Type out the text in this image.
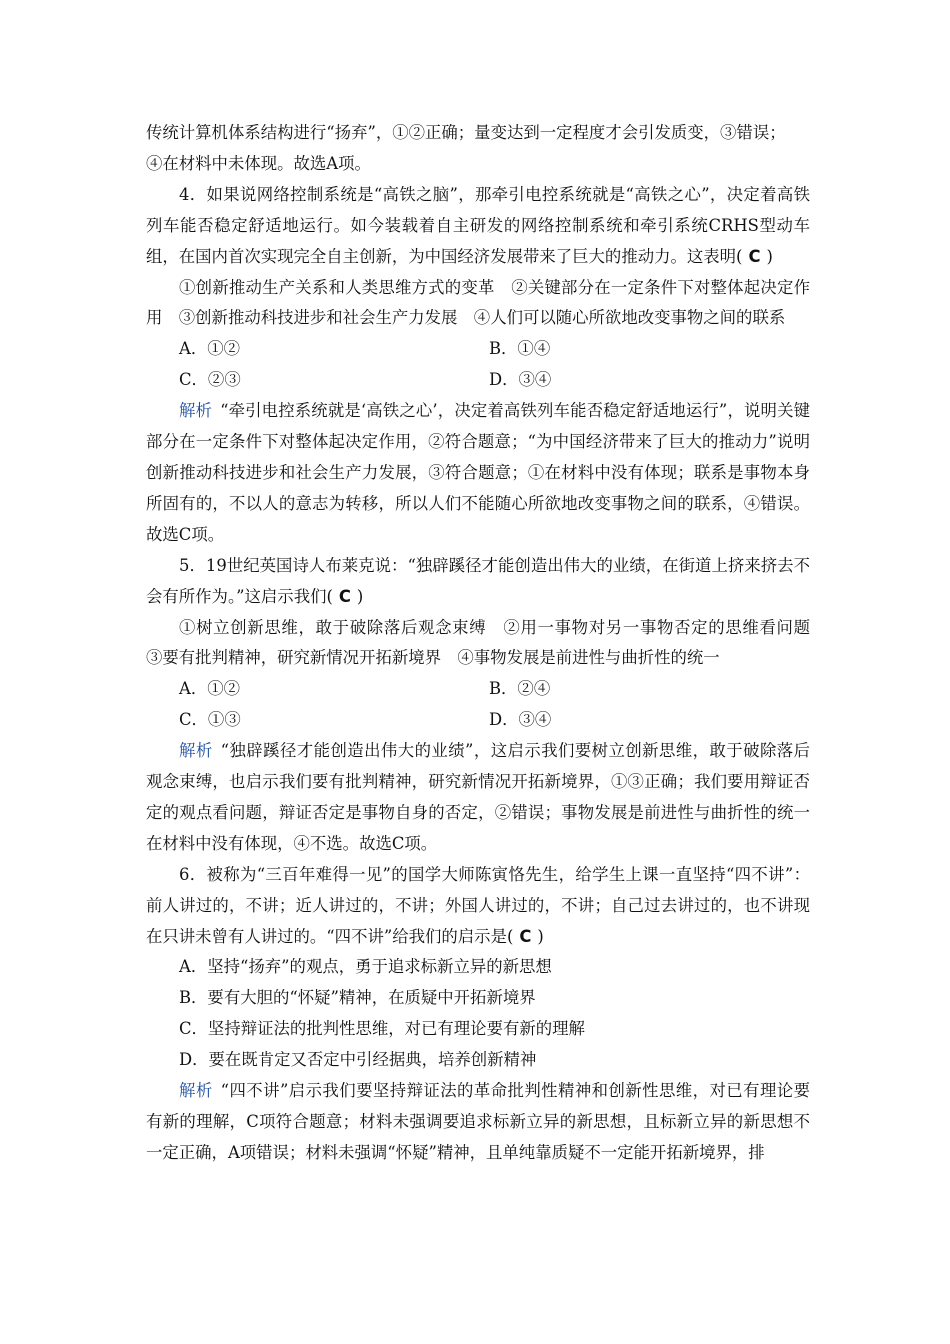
传统计算机体系结构进行“扬弃”，①②正确；量变达到一定程度才会引发质变，③错误；

④在材料中未体现。故选A项。

4．如果说网络控制系统是“高铁之脑”，那牵引电控系统就是“高铁之心”，决定着高铁列车能否稳定舒适地运行。如今装载着自主研发的网络控制系统和牵引系统CRHS型动车组，在国内首次实现完全自主创新，为中国经济发展带来了巨大的推动力。这表明( C )

①创新推动生产关系和人类思维方式的变革　②关键部分在一定条件下对整体起决定作用　③创新推动科技进步和社会生产力发展　④人们可以随心所欲地改变事物之间的联系

A．①②	B．①④
C．②③	D．③④

解析 “牵引电控系统就是‘高铁之心’，决定着高铁列车能否稳定舒适地运行”，说明关键部分在一定条件下对整体起决定作用，②符合题意；“为中国经济带来了巨大的推动力”说明创新推动科技进步和社会生产力发展，③符合题意；①在材料中没有体现；联系是事物本身所固有的，不以人的意志为转移，所以人们不能随心所欲地改变事物之间的联系，④错误。故选C项。

5．19世纪英国诗人布莱克说：“独辟蹊径才能创造出伟大的业绩，在街道上挤来挤去不会有所作为。”这启示我们( C )

①树立创新思维，敢于破除落后观念束缚　②用一事物对另一事物否定的思维看问题　③要有批判精神，研究新情况开拓新境界　④事物发展是前进性与曲折性的统一

A．①②	B．②④
C．①③	D．③④

解析 “独辟蹊径才能创造出伟大的业绩”，这启示我们要树立创新思维，敢于破除落后观念束缚，也启示我们要有批判精神，研究新情况开拓新境界，①③正确；我们要用辩证否定的观点看问题，辩证否定是事物自身的否定，②错误；事物发展是前进性与曲折性的统一在材料中没有体现，④不选。故选C项。

6．被称为“三百年难得一见”的国学大师陈寅恪先生，给学生上课一直坚持“四不讲”：前人讲过的，不讲；近人讲过的，不讲；外国人讲过的，不讲；自己过去讲过的，也不讲现在只讲未曾有人讲过的。“四不讲”给我们的启示是( C )

A．坚持“扬弃”的观点，勇于追求标新立异的新思想

B．要有大胆的“怀疑”精神，在质疑中开拓新境界

C．坚持辩证法的批判性思维，对已有理论要有新的理解

D．要在既肯定又否定中引经据典，培养创新精神

解析 “四不讲”启示我们要坚持辩证法的革命批判性精神和创新性思维，对已有理论要有新的理解，C项符合题意；材料未强调要追求标新立异的新思想，且标新立异的新思想不一定正确，A项错误；材料未强调“怀疑”精神，且单纯靠质疑不一定能开拓新境界，排
